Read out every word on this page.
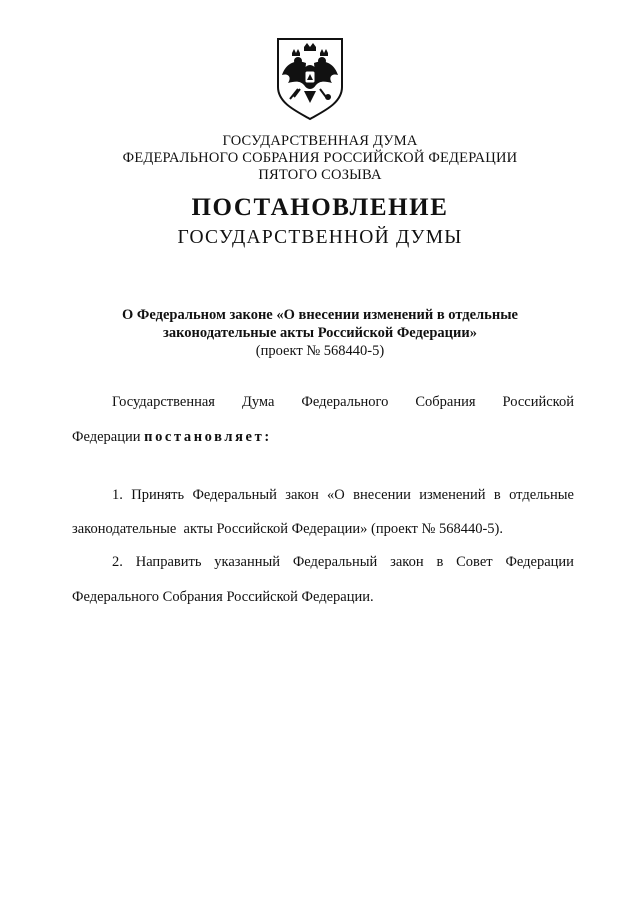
ГОСУДАРСТВЕННАЯ ДУМА
ФЕДЕРАЛЬНОГО СОБРАНИЯ РОССИЙСКОЙ ФЕДЕРАЦИИ
ПЯТОГО СОЗЫВА
ПОСТАНОВЛЕНИЕ
ГОСУДАРСТВЕННОЙ ДУМЫ
О Федеральном законе «О внесении изменений в отдельные
законодательные акты Российской Федерации»
(проект № 568440-5)
Государственная Дума Федерального Собрания Российской
Федерации постановляет:
1. Принять Федеральный закон «О внесении изменений в отдельные
законодательные  акты Российской Федерации» (проект № 568440-5).
2. Направить указанный Федеральный закон в Совет Федерации
Федерального Собрания Российской Федерации.
